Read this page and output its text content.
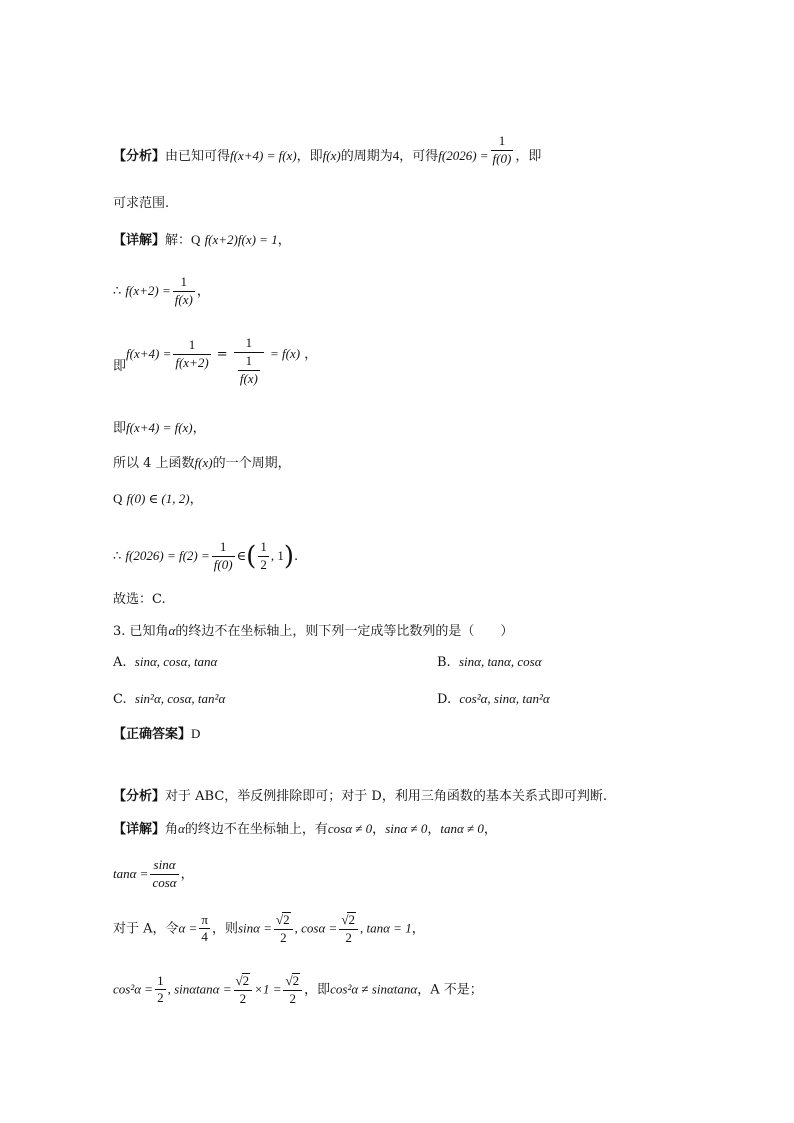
【分析】由已知可得f(x+4) = f(x)，即f(x)的周期为4，可得$f(2026) = \frac{1}{f(0)}$ ，即
可求范围.
【详解】解：Q f(x+2)f(x) = 1，
∴ $f(x+2) = \frac{1}{f(x)}$ ，
即$f(x+4) = \frac{1}{f(x+2)} = \frac{1}{\frac{1}{f(x)}} = f(x)$ ，
即f(x+4) = f(x)，
所以 4 上函数f(x)的一个周期，
Q f(0) ∈ (1, 2)，
∴ $f(2026) = f(2) = \frac{1}{f(0)}$ ∈( $\frac{1}{2}$ , 1).
故选：C.
3. 已知角α的终边不在坐标轴上，则下列一定成等比数列的是（　　）
A. sinα, cosα, tanα	B. sinα, tanα, cosα
C. sin²α, cosα, tan²α	D. cos²α, sinα, tan²α
【正确答案】D
【分析】对于 ABC，举反例排除即可；对于 D，利用三角函数的基本关系式即可判断.
【详解】角α的终边不在坐标轴上，有cosα ≠ 0，sinα ≠ 0，tanα ≠ 0，
$\tan\alpha = \frac{\sin\alpha}{\cos\alpha}$ ，
对于 A，令$\alpha = \frac{\pi}{4}$ ，则$\sin\alpha = \frac{√2}{2}$ , $\cos\alpha = \frac{√2}{2}$ , tanα = 1，
$\cos^2\alpha = \frac{1}{2}$ , $\sin\alpha\tan\alpha = \frac{√2}{2} \times 1 = \frac{√2}{2}$ ，即cos²α ≠ sinαtanα，A 不是；
